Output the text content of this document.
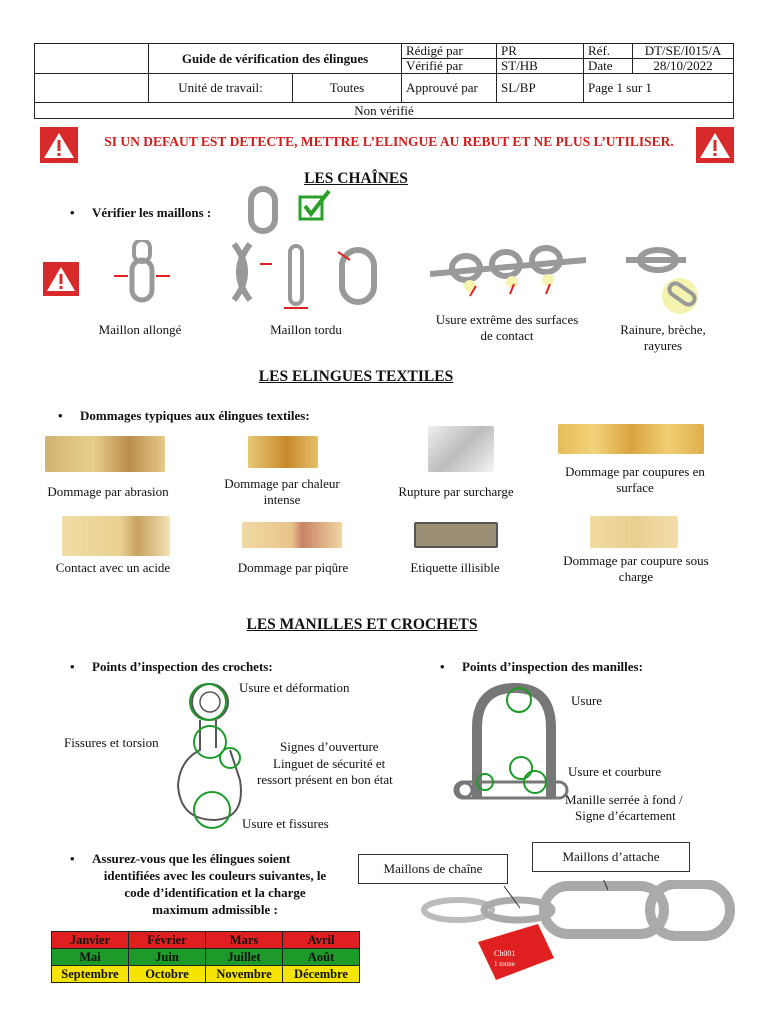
	Guide de vérification des élingues		Rédigé par	PR	Réf.	DT/SE/I015/A
			Vérifié par	ST/HB	Date	28/10/2022
	Unité de travail:	Toutes	Approuvé par	SL/BP	Page 1 sur 1	
Non vérifié						
SI UN DEFAUT EST DETECTE, METTRE L’ELINGUE AU REBUT ET NE PLUS L’UTILISER.
LES CHAÎNES
• Vérifier les maillons :
Maillon allongé	Maillon tordu
Usure extrême des surfaces de contact	Rainure, brèche, rayures
LES ELINGUES TEXTILES
• Dommages typiques aux élingues textiles:
Dommage par abrasion
Dommage par chaleur intense
Rupture par surcharge
Dommage par coupures en surface
Contact avec un acide	Dommage par piqûre	Etiquette illisible	Dommage par coupure sous charge
LES MANILLES ET CROCHETS
• Points d’inspection des crochets:	• Points d’inspection des manilles:
Usure et déformation
Fissures et torsion	Signes d’ouverture
Linguet de sécurité et
ressort présent en bon état
Usure et fissures
Usure
Usure et courbure
Manille serrée à fond /
Signe d’écartement
• Assurez-vous que les élingues soient
identifiées avec les couleurs suivantes, le
code d’identification et la charge
maximum admissible :
Janvier	Février	Mars	Avril
Mai	Juin	Juillet	Août
Septembre	Octobre	Novembre	Décembre
Maillons de chaîne
Maillons d’attache
Ch001
1 tonne
